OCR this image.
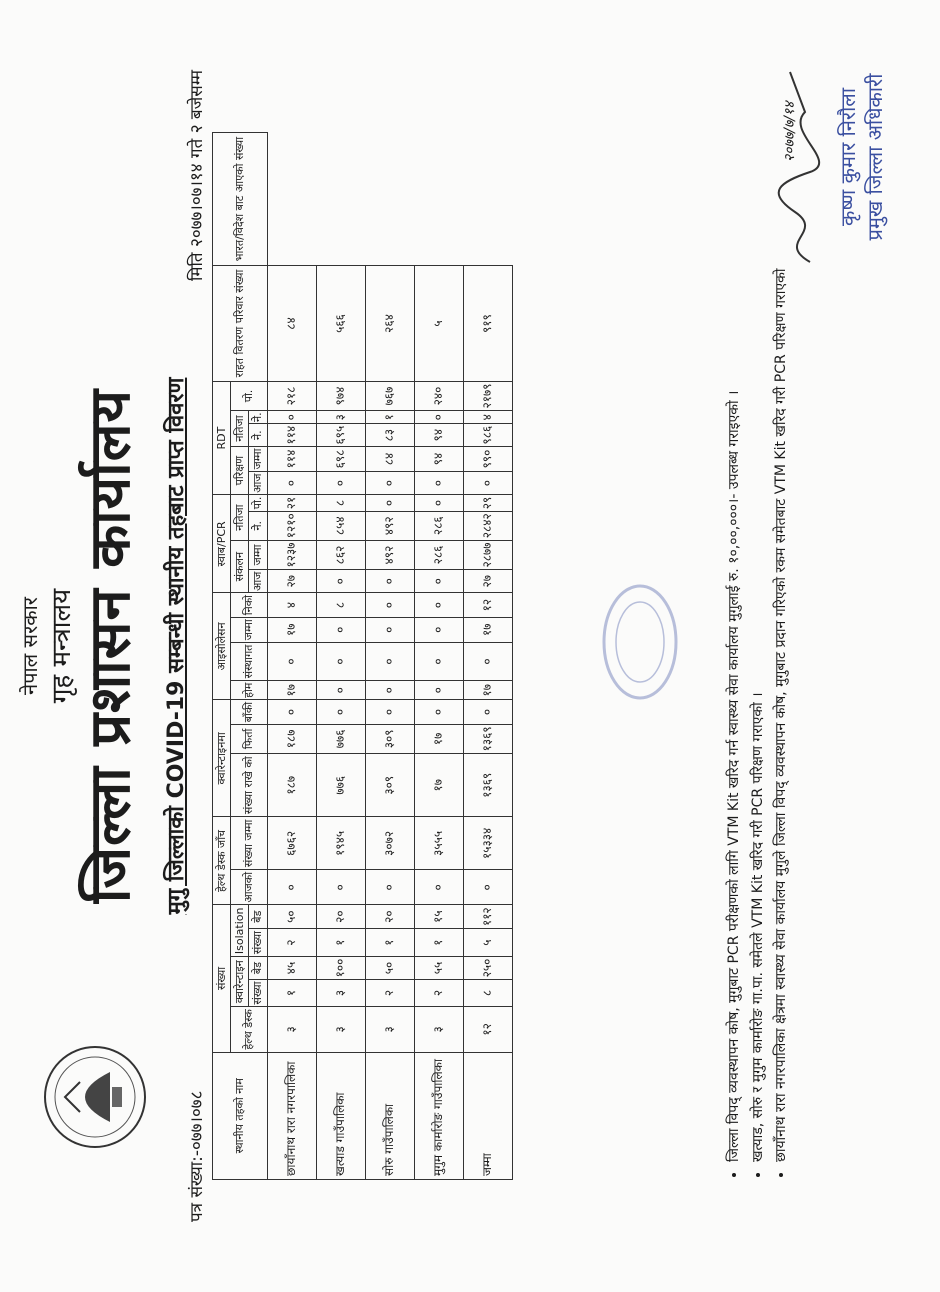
नेपाल सरकार गृह मन्त्रालय जिल्ला प्रशासन कार्यालय मुगु जिल्लाको COVID-19 सम्बन्धी स्थानीय तहबाट प्राप्त विवरण
पत्र संख्या:-०७७।०७८
मिति २०७७।०७।१४ गते २ बजेसम्म
स्थानीय तहको नाम	संख्या					हेल्थ डेस्क जाँच		क्वारेन्टाइनमा			आइसोलेसन				स्वाब/PCR				RDT					राहत वितरण परिवार संख्या	भारत/विदेश बाट आएको संख्या
	हेल्थ डेस्क	क्वारेन्टाइन		Isolation		आजको	संख्या जम्मा	संख्या राखे को	फिर्ता	बाँकी	होम	संस्थागत	जम्मा	निको	संकलन		नतिजा		परिक्षण		नतिजा		पो.		
		संख्या	बेड	संख्या	बेड										आज	जम्मा	नेे.	पो.	आज	जम्मा	नेे.	नेे.			
छायाँनाथ रारा नगरपालिका	३	१	४५	२	५०	०	६७६२	१८७	१८७	०	१७	०	१७	४	२७	१२३७	१२१०	२१	०	११४	११४	०	२१८	८४	
खत्याड गाउँपालिका	३	३	१००	१	२०	०	१९४५	७७६	७७६	०	०	०	०	८	०	८६२	८५४	८	०	६९८	६९५	३	९७४	५६६	
सोरु गाउँपालिका	३	२	५०	१	२०	०	३०७२	३०९	३०९	०	०	०	०	०	०	४९२	४९२	०	०	८४	८३	१	७६७	२६४	
मुगुम कार्मारोङ गाउँपालिका	३	२	५५	१	१५	०	३५५५	१७	१७	०	०	०	०	०	०	२८६	२८६	०	०	९४	९४	०	२४०	५	
जम्मा	१२	८	२५०	५	११२	०	१५३३४	१३६९	१३६९	०	१७	०	१७	१२	२७	२८७७	२८४२	२९	०	९९०	९८६	४	२१७९	९१९	
• जिल्ला विपद् व्यवस्थापन कोष, मुगुबाट PCR परीक्षणको लागि VTM Kit खरिद गर्न स्वास्थ्य सेवा कार्यालय मुगुलाई रु. १०,००,०००।- उपलब्ध गराइएको । • खत्याड, सोरु र मुगुम कार्मारोङ गा.पा. समेतले VTM Kit खरिद गरी PCR परिक्षण गराएको । • छायाँनाथ रारा नगरपालिका क्षेत्रमा स्वास्थ्य सेवा कार्यालय मुगुले जिल्ला विपद् व्यवस्थापन कोष, मुगुबाट प्रदान गरिएको रकम समेतबाट VTM Kit खरिद गरी PCR परिक्षण गराएको
२०७७/७/१४ कृष्ण कुमार निरौला प्रमुख जिल्ला अधिकारी
